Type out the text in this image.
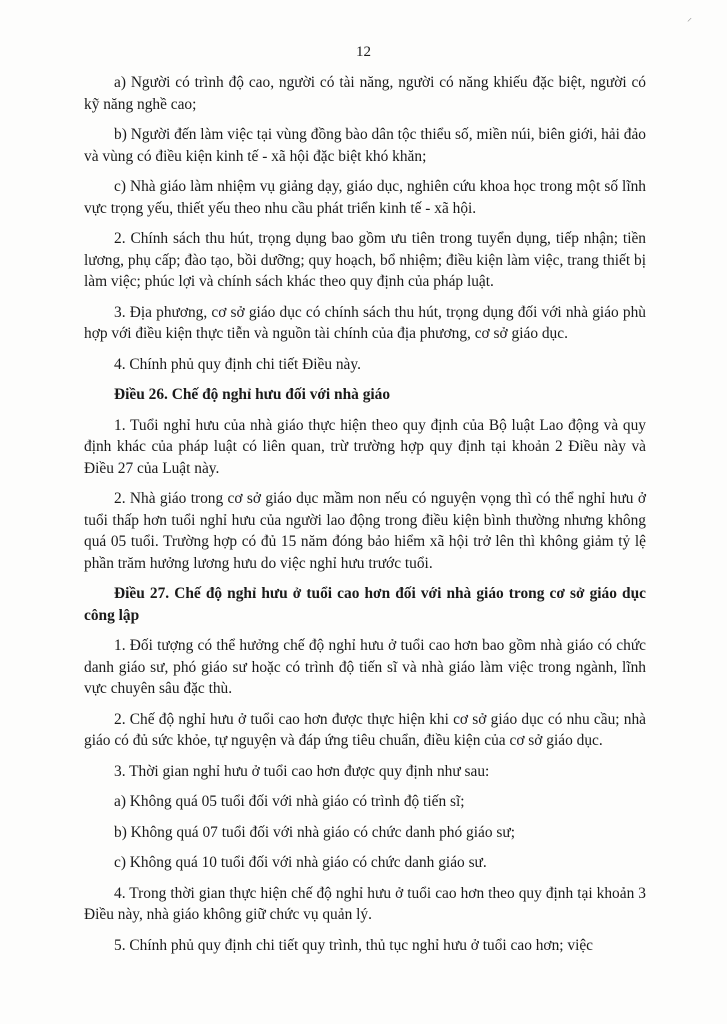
⸍
12

a) Người có trình độ cao, người có tài năng, người có năng khiếu đặc biệt, người có kỹ năng nghề cao;

b) Người đến làm việc tại vùng đồng bào dân tộc thiểu số, miền núi, biên giới, hải đảo và vùng có điều kiện kinh tế - xã hội đặc biệt khó khăn;

c) Nhà giáo làm nhiệm vụ giảng dạy, giáo dục, nghiên cứu khoa học trong một số lĩnh vực trọng yếu, thiết yếu theo nhu cầu phát triển kinh tế - xã hội.

2. Chính sách thu hút, trọng dụng bao gồm ưu tiên trong tuyển dụng, tiếp nhận; tiền lương, phụ cấp; đào tạo, bồi dưỡng; quy hoạch, bổ nhiệm; điều kiện làm việc, trang thiết bị làm việc; phúc lợi và chính sách khác theo quy định của pháp luật.

3. Địa phương, cơ sở giáo dục có chính sách thu hút, trọng dụng đối với nhà giáo phù hợp với điều kiện thực tiễn và nguồn tài chính của địa phương, cơ sở giáo dục.

4. Chính phủ quy định chi tiết Điều này.

Điều 26. Chế độ nghỉ hưu đối với nhà giáo

1. Tuổi nghỉ hưu của nhà giáo thực hiện theo quy định của Bộ luật Lao động và quy định khác của pháp luật có liên quan, trừ trường hợp quy định tại khoản 2 Điều này và Điều 27 của Luật này.

2. Nhà giáo trong cơ sở giáo dục mầm non nếu có nguyện vọng thì có thể nghỉ hưu ở tuổi thấp hơn tuổi nghỉ hưu của người lao động trong điều kiện bình thường nhưng không quá 05 tuổi. Trường hợp có đủ 15 năm đóng bảo hiểm xã hội trở lên thì không giảm tỷ lệ phần trăm hưởng lương hưu do việc nghỉ hưu trước tuổi.

Điều 27. Chế độ nghỉ hưu ở tuổi cao hơn đối với nhà giáo trong cơ sở giáo dục công lập

1. Đối tượng có thể hưởng chế độ nghỉ hưu ở tuổi cao hơn bao gồm nhà giáo có chức danh giáo sư, phó giáo sư hoặc có trình độ tiến sĩ và nhà giáo làm việc trong ngành, lĩnh vực chuyên sâu đặc thù.

2. Chế độ nghỉ hưu ở tuổi cao hơn được thực hiện khi cơ sở giáo dục có nhu cầu; nhà giáo có đủ sức khỏe, tự nguyện và đáp ứng tiêu chuẩn, điều kiện của cơ sở giáo dục.

3. Thời gian nghỉ hưu ở tuổi cao hơn được quy định như sau:

a) Không quá 05 tuổi đối với nhà giáo có trình độ tiến sĩ;

b) Không quá 07 tuổi đối với nhà giáo có chức danh phó giáo sư;

c) Không quá 10 tuổi đối với nhà giáo có chức danh giáo sư.

4. Trong thời gian thực hiện chế độ nghỉ hưu ở tuổi cao hơn theo quy định tại khoản 3 Điều này, nhà giáo không giữ chức vụ quản lý.

5. Chính phủ quy định chi tiết quy trình, thủ tục nghỉ hưu ở tuổi cao hơn; việc
